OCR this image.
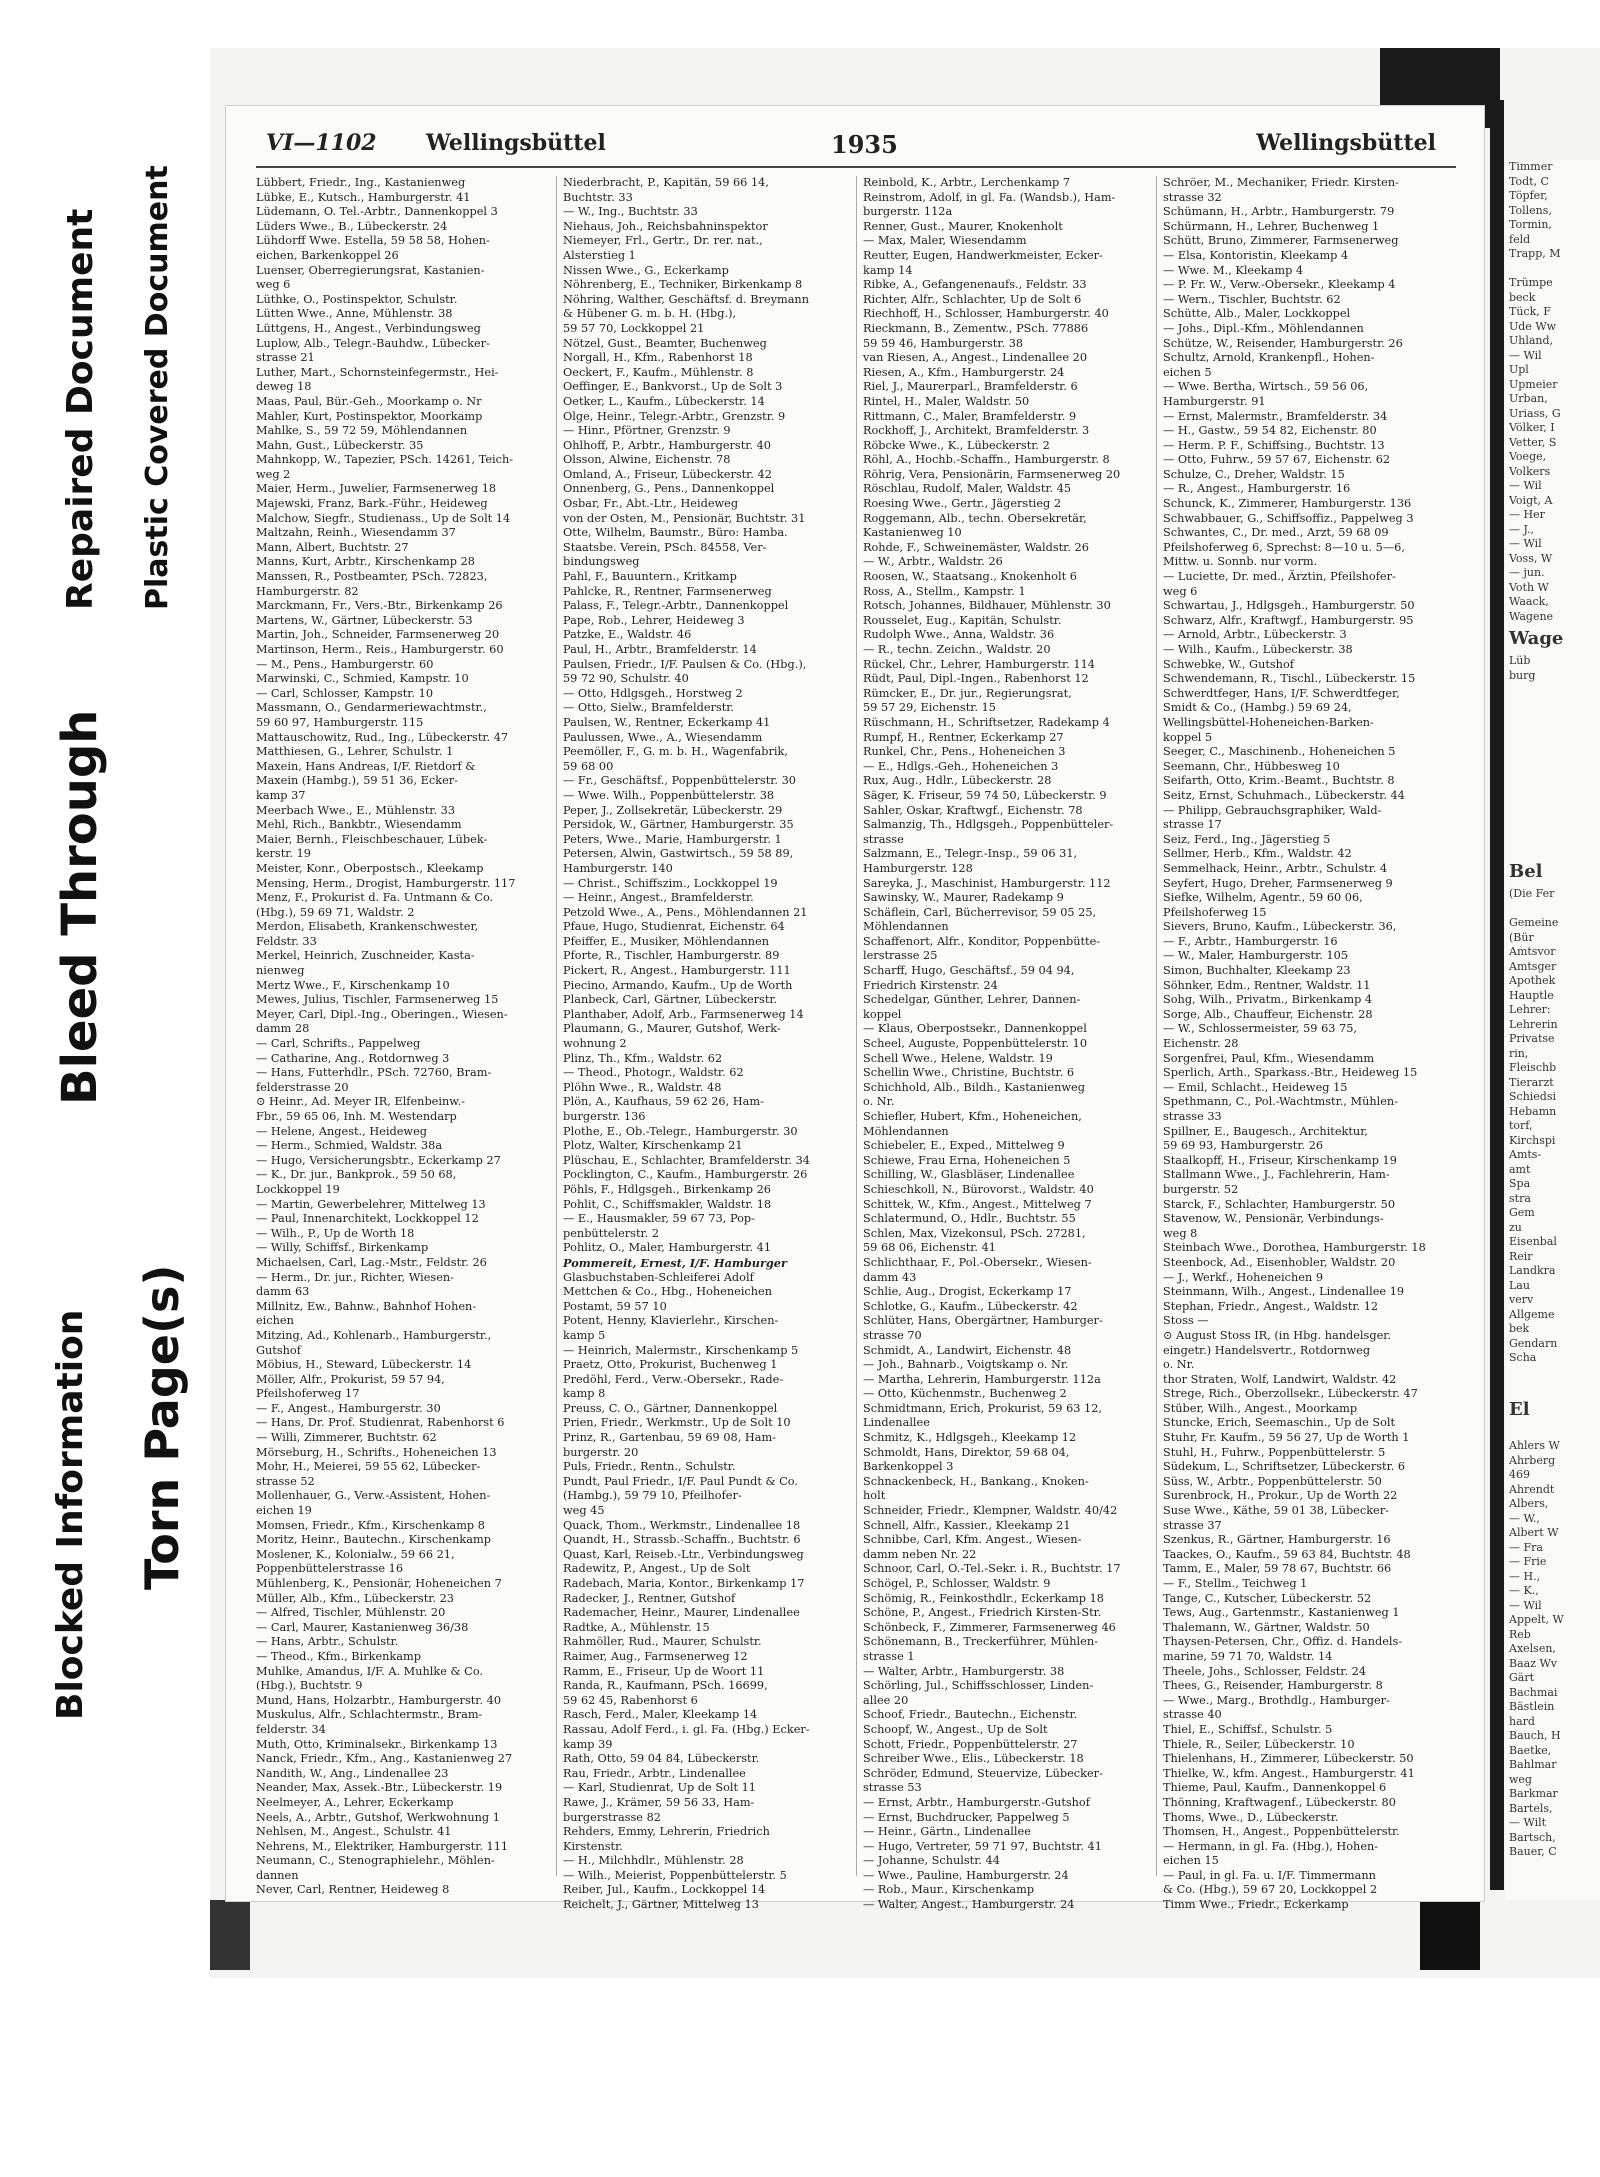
Repaired Document Plastic Covered Document
Bleed Through
Blocked Information Torn Page(s)
VI—1102 Wellingsbüttel	1935	Wellingsbüttel
Lübbert, Friedr., Ing., Kastanienweg
Lübke, E., Kutsch., Hamburgerstr. 41
Lüdemann, O. Tel.-Arbtr., Dannenkoppel 3
Lüders Wwe., B., Lübeckerstr. 24
Lühdorff Wwe. Estella, 59 58 58, Hohen-
eichen, Barkenkoppel 26
Luenser, Oberregierungsrat, Kastanien-
weg 6
Lüthke, O., Postinspektor, Schulstr.
Lütten Wwe., Anne, Mühlenstr. 38
Lüttgens, H., Angest., Verbindungsweg
Luplow, Alb., Telegr.-Bauhdw., Lübecker-
strasse 21
Luther, Mart., Schornsteinfegermstr., Hei-
deweg 18
Maas, Paul, Bür.-Geh., Moorkamp o. Nr
Mahler, Kurt, Postinspektor, Moorkamp
Mahlke, S., 59 72 59, Möhlendannen
Mahn, Gust., Lübeckerstr. 35
Mahnkopp, W., Tapezier, PSch. 14261, Teich-
weg 2
Maier, Herm., Juwelier, Farmsenerweg 18
Majewski, Franz, Bark.-Führ., Heideweg
Malchow, Siegfr., Studienass., Up de Solt 14
Maltzahn, Reinh., Wiesendamm 37
Mann, Albert, Buchtstr. 27
Manns, Kurt, Arbtr., Kirschenkamp 28
Manssen, R., Postbeamter, PSch. 72823,
Hamburgerstr. 82
Marckmann, Fr., Vers.-Btr., Birkenkamp 26
Martens, W., Gärtner, Lübeckerstr. 53
Martin, Joh., Schneider, Farmsenerweg 20
Martinson, Herm., Reis., Hamburgerstr. 60
— M., Pens., Hamburgerstr. 60
Marwinski, C., Schmied, Kampstr. 10
— Carl, Schlosser, Kampstr. 10
Massmann, O., Gendarmeriewachtmstr.,
59 60 97, Hamburgerstr. 115
Mattauschowitz, Rud., Ing., Lübeckerstr. 47
Matthiesen, G., Lehrer, Schulstr. 1
Maxein, Hans Andreas, I/F. Rietdorf &
Maxein (Hambg.), 59 51 36, Ecker-
kamp 37
Meerbach Wwe., E., Mühlenstr. 33
Mehl, Rich., Bankbtr., Wiesendamm
Maier, Bernh., Fleischbeschauer, Lübek-
kerstr. 19
Meister, Konr., Oberpostsch., Kleekamp
Mensing, Herm., Drogist, Hamburgerstr. 117
Menz, F., Prokurist d. Fa. Untmann & Co.
(Hbg.), 59 69 71, Waldstr. 2
Merdon, Elisabeth, Krankenschwester,
Feldstr. 33
Merkel, Heinrich, Zuschneider, Kasta-
nienweg
Mertz Wwe., F., Kirschenkamp 10
Mewes, Julius, Tischler, Farmsenerweg 15
Meyer, Carl, Dipl.-Ing., Oberingen., Wiesen-
damm 28
— Carl, Schrifts., Pappelweg
— Catharine, Ang., Rotdornweg 3
— Hans, Futterhdlr., PSch. 72760, Bram-
felderstrasse 20
⊙ Heinr., Ad. Meyer IR, Elfenbeinw.-
Fbr., 59 65 06, Inh. M. Westendarp
— Helene, Angest., Heideweg
— Herm., Schmied, Waldstr. 38a
— Hugo, Versicherungsbtr., Eckerkamp 27
— K., Dr. jur., Bankprok., 59 50 68,
Lockkoppel 19
— Martin, Gewerbelehrer, Mittelweg 13
— Paul, Innenarchitekt, Lockkoppel 12
— Wilh., P., Up de Worth 18
— Willy, Schiffsf., Birkenkamp
Michaelsen, Carl, Lag.-Mstr., Feldstr. 26
— Herm., Dr. jur., Richter, Wiesen-
damm 63
Millnitz, Ew., Bahnw., Bahnhof Hohen-
eichen
Mitzing, Ad., Kohlenarb., Hamburgerstr.,
Gutshof
Möbius, H., Steward, Lübeckerstr. 14
Möller, Alfr., Prokurist, 59 57 94,
Pfeilshoferweg 17
— F., Angest., Hamburgerstr. 30
— Hans, Dr. Prof. Studienrat, Rabenhorst 6
— Willi, Zimmerer, Buchtstr. 62
Mörseburg, H., Schrifts., Hoheneichen 13
Mohr, H., Meierei, 59 55 62, Lübecker-
strasse 52
Mollenhauer, G., Verw.-Assistent, Hohen-
eichen 19
Momsen, Friedr., Kfm., Kirschenkamp 8
Moritz, Heinr., Bautechn., Kirschenkamp
Moslener, K., Kolonialw., 59 66 21,
Poppenbüttelerstrasse 16
Mühlenberg, K., Pensionär, Hoheneichen 7
Müller, Alb., Kfm., Lübeckerstr. 23
— Alfred, Tischler, Mühlenstr. 20
— Carl, Maurer, Kastanienweg 36/38
— Hans, Arbtr., Schulstr.
— Theod., Kfm., Birkenkamp
Muhlke, Amandus, I/F. A. Muhlke & Co.
(Hbg.), Buchtstr. 9
Mund, Hans, Holzarbtr., Hamburgerstr. 40
Muskulus, Alfr., Schlachtermstr., Bram-
felderstr. 34
Muth, Otto, Kriminalsekr., Birkenkamp 13
Nanck, Friedr., Kfm., Ang., Kastanienweg 27
Nandith, W., Ang., Lindenallee 23
Neander, Max, Assek.-Btr., Lübeckerstr. 19
Neelmeyer, A., Lehrer, Eckerkamp
Neels, A., Arbtr., Gutshof, Werkwohnung 1
Nehlsen, M., Angest., Schulstr. 41
Nehrens, M., Elektriker, Hamburgerstr. 111
Neumann, C., Stenographielehr., Möhlen-
dannen
Never, Carl, Rentner, Heideweg 8
Niederbracht, P., Kapitän, 59 66 14,
Buchtstr. 33
— W., Ing., Buchtstr. 33
Niehaus, Joh., Reichsbahninspektor
Niemeyer, Frl., Gertr., Dr. rer. nat.,
Alsterstieg 1
Nissen Wwe., G., Eckerkamp
Nöhrenberg, E., Techniker, Birkenkamp 8
Nöhring, Walther, Geschäftsf. d. Breymann
& Hübener G. m. b. H. (Hbg.),
59 57 70, Lockkoppel 21
Nötzel, Gust., Beamter, Buchenweg
Norgall, H., Kfm., Rabenhorst 18
Oeckert, F., Kaufm., Mühlenstr. 8
Oeffinger, E., Bankvorst., Up de Solt 3
Oetker, L., Kaufm., Lübeckerstr. 14
Olge, Heinr., Telegr.-Arbtr., Grenzstr. 9
— Hinr., Pförtner, Grenzstr. 9
Ohlhoff, P., Arbtr., Hamburgerstr. 40
Olsson, Alwine, Eichenstr. 78
Omland, A., Friseur, Lübeckerstr. 42
Onnenberg, G., Pens., Dannenkoppel
Osbar, Fr., Abt.-Ltr., Heideweg
von der Osten, M., Pensionär, Buchtstr. 31
Otte, Wilhelm, Baumstr., Büro: Hamba.
Staatsbe. Verein, PSch. 84558, Ver-
bindungsweg
Pahl, F., Bauuntern., Kritkamp
Pahlcke, R., Rentner, Farmsenerweg
Palass, F., Telegr.-Arbtr., Dannenkoppel
Pape, Rob., Lehrer, Heideweg 3
Patzke, E., Waldstr. 46
Paul, H., Arbtr., Bramfelderstr. 14
Paulsen, Friedr., I/F. Paulsen & Co. (Hbg.),
59 72 90, Schulstr. 40
— Otto, Hdlgsgeh., Horstweg 2
— Otto, Sielw., Bramfelderstr.
Paulsen, W., Rentner, Eckerkamp 41
Paulussen, Wwe., A., Wiesendamm
Peemöller, F., G. m. b. H., Wagenfabrik,
59 68 00
— Fr., Geschäftsf., Poppenbüttelerstr. 30
— Wwe. Wilh., Poppenbüttelerstr. 38
Peper, J., Zollsekretär, Lübeckerstr. 29
Persidok, W., Gärtner, Hamburgerstr. 35
Peters, Wwe., Marie, Hamburgerstr. 1
Petersen, Alwin, Gastwirtsch., 59 58 89,
Hamburgerstr. 140
— Christ., Schiffszim., Lockkoppel 19
— Heinr., Angest., Bramfelderstr.
Petzold Wwe., A., Pens., Möhlendannen 21
Pfaue, Hugo, Studienrat, Eichenstr. 64
Pfeiffer, E., Musiker, Möhlendannen
Pforte, R., Tischler, Hamburgerstr. 89
Pickert, R., Angest., Hamburgerstr. 111
Piecino, Armando, Kaufm., Up de Worth
Planbeck, Carl, Gärtner, Lübeckerstr.
Planthaber, Adolf, Arb., Farmsenerweg 14
Plaumann, G., Maurer, Gutshof, Werk-
wohnung 2
Plinz, Th., Kfm., Waldstr. 62
— Theod., Photogr., Waldstr. 62
Plöhn Wwe., R., Waldstr. 48
Plön, A., Kaufhaus, 59 62 26, Ham-
burgerstr. 136
Plothe, E., Ob.-Telegr., Hamburgerstr. 30
Plotz, Walter, Kirschenkamp 21
Plüschau, E., Schlachter, Bramfelderstr. 34
Pocklington, C., Kaufm., Hamburgerstr. 26
Pöhls, F., Hdlgsgeh., Birkenkamp 26
Pohlit, C., Schiffsmakler, Waldstr. 18
— E., Hausmakler, 59 67 73, Pop-
penbüttelerstr. 2
Pohlitz, O., Maler, Hamburgerstr. 41
Pommereit, Ernest, I/F. Hamburger
Glasbuchstaben-Schleiferei Adolf
Mettchen & Co., Hbg., Hoheneichen
Postamt, 59 57 10
Potent, Henny, Klavierlehr., Kirschen-
kamp 5
— Heinrich, Malermstr., Kirschenkamp 5
Praetz, Otto, Prokurist, Buchenweg 1
Predöhl, Ferd., Verw.-Obersekr., Rade-
kamp 8
Preuss, C. O., Gärtner, Dannenkoppel
Prien, Friedr., Werkmstr., Up de Solt 10
Prinz, R., Gartenbau, 59 69 08, Ham-
burgerstr. 20
Puls, Friedr., Rentn., Schulstr.
Pundt, Paul Friedr., I/F. Paul Pundt & Co.
(Hambg.), 59 79 10, Pfeilhofer-
weg 45
Quack, Thom., Werkmstr., Lindenallee 18
Quandt, H., Strassb.-Schaffn., Buchtstr. 6
Quast, Karl, Reiseb.-Ltr., Verbindungsweg
Radewitz, P., Angest., Up de Solt
Radebach, Maria, Kontor., Birkenkamp 17
Radecker, J., Rentner, Gutshof
Rademacher, Heinr., Maurer, Lindenallee
Radtke, A., Mühlenstr. 15
Rahmöller, Rud., Maurer, Schulstr.
Raimer, Aug., Farmsenerweg 12
Ramm, E., Friseur, Up de Woort 11
Randa, R., Kaufmann, PSch. 16699,
59 62 45, Rabenhorst 6
Rasch, Ferd., Maler, Kleekamp 14
Rassau, Adolf Ferd., i. gl. Fa. (Hbg.) Ecker-
kamp 39
Rath, Otto, 59 04 84, Lübeckerstr.
Rau, Friedr., Arbtr., Lindenallee
— Karl, Studienrat, Up de Solt 11
Rawe, J., Krämer, 59 56 33, Ham-
burgerstrasse 82
Rehders, Emmy, Lehrerin, Friedrich
Kirstenstr.
— H., Milchhdlr., Mühlenstr. 28
— Wilh., Meierist, Poppenbüttelerstr. 5
Reiber, Jul., Kaufm., Lockkoppel 14
Reichelt, J., Gärtner, Mittelweg 13
Reinbold, K., Arbtr., Lerchenkamp 7
Reinstrom, Adolf, in gl. Fa. (Wandsb.), Ham-
burgerstr. 112a
Renner, Gust., Maurer, Knokenholt
— Max, Maler, Wiesendamm
Reutter, Eugen, Handwerkmeister, Ecker-
kamp 14
Ribke, A., Gefangenenaufs., Feldstr. 33
Richter, Alfr., Schlachter, Up de Solt 6
Riechhoff, H., Schlosser, Hamburgerstr. 40
Rieckmann, B., Zementw., PSch. 77886
59 59 46, Hamburgerstr. 38
van Riesen, A., Angest., Lindenallee 20
Riesen, A., Kfm., Hamburgerstr. 24
Riel, J., Maurerparl., Bramfelderstr. 6
Rintel, H., Maler, Waldstr. 50
Rittmann, C., Maler, Bramfelderstr. 9
Rockhoff, J., Architekt, Bramfelderstr. 3
Röbcke Wwe., K., Lübeckerstr. 2
Röhl, A., Hochb.-Schaffn., Hamburgerstr. 8
Röhrig, Vera, Pensionärin, Farmsenerweg 20
Röschlau, Rudolf, Maler, Waldstr. 45
Roesing Wwe., Gertr., Jägerstieg 2
Roggemann, Alb., techn. Obersekretär,
Kastanienweg 10
Rohde, F., Schweinemäster, Waldstr. 26
— W., Arbtr., Waldstr. 26
Roosen, W., Staatsang., Knokenholt 6
Ross, A., Stellm., Kampstr. 1
Rotsch, Johannes, Bildhauer, Mühlenstr. 30
Rousselet, Eug., Kapitän, Schulstr.
Rudolph Wwe., Anna, Waldstr. 36
— R., techn. Zeichn., Waldstr. 20
Rückel, Chr., Lehrer, Hamburgerstr. 114
Rüdt, Paul, Dipl.-Ingen., Rabenhorst 12
Rümcker, E., Dr. jur., Regierungsrat,
59 57 29, Eichenstr. 15
Rüschmann, H., Schriftsetzer, Radekamp 4
Rumpf, H., Rentner, Eckerkamp 27
Runkel, Chr., Pens., Hoheneichen 3
— E., Hdlgs.-Geh., Hoheneichen 3
Rux, Aug., Hdlr., Lübeckerstr. 28
Säger, K. Friseur, 59 74 50, Lübeckerstr. 9
Sahler, Oskar, Kraftwgf., Eichenstr. 78
Salmanzig, Th., Hdlgsgeh., Poppenbütteler-
strasse
Salzmann, E., Telegr.-Insp., 59 06 31,
Hamburgerstr. 128
Sareyka, J., Maschinist, Hamburgerstr. 112
Sawinsky, W., Maurer, Radekamp 9
Schäflein, Carl, Bücherrevisor, 59 05 25,
Möhlendannen
Schaffenort, Alfr., Konditor, Poppenbütte-
lerstrasse 25
Scharff, Hugo, Geschäftsf., 59 04 94,
Friedrich Kirstenstr. 24
Schedelgar, Günther, Lehrer, Dannen-
koppel
— Klaus, Oberpostsekr., Dannenkoppel
Scheel, Auguste, Poppenbüttelerstr. 10
Schell Wwe., Helene, Waldstr. 19
Schellin Wwe., Christine, Buchtstr. 6
Schichhold, Alb., Bildh., Kastanienweg
o. Nr.
Schiefler, Hubert, Kfm., Hoheneichen,
Möhlendannen
Schiebeler, E., Exped., Mittelweg 9
Schiewe, Frau Erna, Hoheneichen 5
Schilling, W., Glasbläser, Lindenallee
Schieschkoll, N., Bürovorst., Waldstr. 40
Schittek, W., Kfm., Angest., Mittelweg 7
Schlatermund, O., Hdlr., Buchtstr. 55
Schlen, Max, Vizekonsul, PSch. 27281,
59 68 06, Eichenstr. 41
Schlichthaar, F., Pol.-Obersekr., Wiesen-
damm 43
Schlie, Aug., Drogist, Eckerkamp 17
Schlotke, G., Kaufm., Lübeckerstr. 42
Schlüter, Hans, Obergärtner, Hamburger-
strasse 70
Schmidt, A., Landwirt, Eichenstr. 48
— Joh., Bahnarb., Voigtskamp o. Nr.
— Martha, Lehrerin, Hamburgerstr. 112a
— Otto, Küchenmstr., Buchenweg 2
Schmidtmann, Erich, Prokurist, 59 63 12,
Lindenallee
Schmitz, K., Hdlgsgeh., Kleekamp 12
Schmoldt, Hans, Direktor, 59 68 04,
Barkenkoppel 3
Schnackenbeck, H., Bankang., Knoken-
holt
Schneider, Friedr., Klempner, Waldstr. 40/42
Schnell, Alfr., Kassier., Kleekamp 21
Schnibbe, Carl, Kfm. Angest., Wiesen-
damm neben Nr. 22
Schnoor, Carl, O.-Tel.-Sekr. i. R., Buchtstr. 17
Schögel, P., Schlosser, Waldstr. 9
Schömig, R., Feinkosthdlr., Eckerkamp 18
Schöne, P., Angest., Friedrich Kirsten-Str.
Schönbeck, F., Zimmerer, Farmsenerweg 46
Schönemann, B., Treckerführer, Mühlen-
strasse 1
— Walter, Arbtr., Hamburgerstr. 38
Schörling, Jul., Schiffsschlosser, Linden-
allee 20
Schoof, Friedr., Bautechn., Eichenstr.
Schoopf, W., Angest., Up de Solt
Schott, Friedr., Poppenbüttelerstr. 27
Schreiber Wwe., Elis., Lübeckerstr. 18
Schröder, Edmund, Steuervize, Lübecker-
strasse 53
— Ernst, Arbtr., Hamburgerstr.-Gutshof
— Ernst, Buchdrucker, Pappelweg 5
— Heinr., Gärtn., Lindenallee
— Hugo, Vertreter, 59 71 97, Buchtstr. 41
— Johanne, Schulstr. 44
— Wwe., Pauline, Hamburgerstr. 24
— Rob., Maur., Kirschenkamp
— Walter, Angest., Hamburgerstr. 24
Schröer, M., Mechaniker, Friedr. Kirsten-
strasse 32
Schümann, H., Arbtr., Hamburgerstr. 79
Schürmann, H., Lehrer, Buchenweg 1
Schütt, Bruno, Zimmerer, Farmsenerweg
— Elsa, Kontoristin, Kleekamp 4
— Wwe. M., Kleekamp 4
— P. Fr. W., Verw.-Obersekr., Kleekamp 4
— Wern., Tischler, Buchtstr. 62
Schütte, Alb., Maler, Lockkoppel
— Johs., Dipl.-Kfm., Möhlendannen
Schütze, W., Reisender, Hamburgerstr. 26
Schultz, Arnold, Krankenpfl., Hohen-
eichen 5
— Wwe. Bertha, Wirtsch., 59 56 06,
Hamburgerstr. 91
— Ernst, Malermstr., Bramfelderstr. 34
— H., Gastw., 59 54 82, Eichenstr. 80
— Herm. P. F., Schiffsing., Buchtstr. 13
— Otto, Fuhrw., 59 57 67, Eichenstr. 62
Schulze, C., Dreher, Waldstr. 15
— R., Angest., Hamburgerstr. 16
Schunck, K., Zimmerer, Hamburgerstr. 136
Schwabbauer, G., Schiffsoffiz., Pappelweg 3
Schwantes, C., Dr. med., Arzt, 59 68 09
Pfeilshoferweg 6, Sprechst: 8—10 u. 5—6,
Mittw. u. Sonnb. nur vorm.
— Luciette, Dr. med., Ärztin, Pfeilshofer-
weg 6
Schwartau, J., Hdlgsgeh., Hamburgerstr. 50
Schwarz, Alfr., Kraftwgf., Hamburgerstr. 95
— Arnold, Arbtr., Lübeckerstr. 3
— Wilh., Kaufm., Lübeckerstr. 38
Schwebke, W., Gutshof
Schwendemann, R., Tischl., Lübeckerstr. 15
Schwerdtfeger, Hans, I/F. Schwerdtfeger,
Smidt & Co., (Hambg.) 59 69 24,
Wellingsbüttel-Hoheneichen-Barken-
koppel 5
Seeger, C., Maschinenb., Hoheneichen 5
Seemann, Chr., Hübbesweg 10
Seifarth, Otto, Krim.-Beamt., Buchtstr. 8
Seitz, Ernst, Schuhmach., Lübeckerstr. 44
— Philipp, Gebrauchsgraphiker, Wald-
strasse 17
Seiz, Ferd., Ing., Jägerstieg 5
Sellmer, Herb., Kfm., Waldstr. 42
Semmelhack, Heinr., Arbtr., Schulstr. 4
Seyfert, Hugo, Dreher, Farmsenerweg 9
Siefke, Wilhelm, Agentr., 59 60 06,
Pfeilshoferweg 15
Sievers, Bruno, Kaufm., Lübeckerstr. 36,
— F., Arbtr., Hamburgerstr. 16
— W., Maler, Hamburgerstr. 105
Simon, Buchhalter, Kleekamp 23
Söhnker, Edm., Rentner, Waldstr. 11
Sohg, Wilh., Privatm., Birkenkamp 4
Sorge, Alb., Chauffeur, Eichenstr. 28
— W., Schlossermeister, 59 63 75,
Eichenstr. 28
Sorgenfrei, Paul, Kfm., Wiesendamm
Sperlich, Arth., Sparkass.-Btr., Heideweg 15
— Emil, Schlacht., Heideweg 15
Spethmann, C., Pol.-Wachtmstr., Mühlen-
strasse 33
Spillner, E., Baugesch., Architektur,
59 69 93, Hamburgerstr. 26
Staalkopff, H., Friseur, Kirschenkamp 19
Stallmann Wwe., J., Fachlehrerin, Ham-
burgerstr. 52
Starck, F., Schlachter, Hamburgerstr. 50
Stavenow, W., Pensionär, Verbindungs-
weg 8
Steinbach Wwe., Dorothea, Hamburgerstr. 18
Steenbock, Ad., Eisenhobler, Waldstr. 20
— J., Werkf., Hoheneichen 9
Steinmann, Wilh., Angest., Lindenallee 19
Stephan, Friedr., Angest., Waldstr. 12
Stoss —
⊙ August Stoss IR, (in Hbg. handelsger.
eingetr.) Handelsvertr., Rotdornweg
o. Nr.
thor Straten, Wolf, Landwirt, Waldstr. 42
Strege, Rich., Oberzollsekr., Lübeckerstr. 47
Stüber, Wilh., Angest., Moorkamp
Stuncke, Erich, Seemaschin., Up de Solt
Stuhr, Fr. Kaufm., 59 56 27, Up de Worth 1
Stuhl, H., Fuhrw., Poppenbüttelerstr. 5
Südekum, L., Schriftsetzer, Lübeckerstr. 6
Süss, W., Arbtr., Poppenbüttelerstr. 50
Surenbrock, H., Prokur., Up de Worth 22
Suse Wwe., Käthe, 59 01 38, Lübecker-
strasse 37
Szenkus, R., Gärtner, Hamburgerstr. 16
Taackes, O., Kaufm., 59 63 84, Buchtstr. 48
Tamm, E., Maler, 59 78 67, Buchtstr. 66
— F., Stellm., Teichweg 1
Tange, C., Kutscher, Lübeckerstr. 52
Tews, Aug., Gartenmstr., Kastanienweg 1
Thalemann, W., Gärtner, Waldstr. 50
Thaysen-Petersen, Chr., Offiz. d. Handels-
marine, 59 71 70, Waldstr. 14
Theele, Johs., Schlosser, Feldstr. 24
Thees, G., Reisender, Hamburgerstr. 8
— Wwe., Marg., Brothdlg., Hamburger-
strasse 40
Thiel, E., Schiffsf., Schulstr. 5
Thiele, R., Seiler, Lübeckerstr. 10
Thielenhans, H., Zimmerer, Lübeckerstr. 50
Thielke, W., kfm. Angest., Hamburgerstr. 41
Thieme, Paul, Kaufm., Dannenkoppel 6
Thönning, Kraftwagenf., Lübeckerstr. 80
Thoms, Wwe., D., Lübeckerstr.
Thomsen, H., Angest., Poppenbüttelerstr.
— Hermann, in gl. Fa. (Hbg.), Hohen-
eichen 15
— Paul, in gl. Fa. u. I/F. Timmermann
& Co. (Hbg.), 59 67 20, Lockkoppel 2
Timm Wwe., Friedr., Eckerkamp
Timmer
Todt, C
Töpfer,
Tollens,
Tormin,
feld
Trapp, M
Trümpe
beck
Tück, F
Ude Ww
Uhland,
— Wil
Upl
Upmeier
Urban,
Uriass, G
Völker, I
Vetter, S
Voege,
Volkers
— Wil
Voigt, A
— Her
— J.,
— Wil
Voss, W
— jun.
Voth W
Waack,
Wagene
Wage
Lüb
burg
Bel
(Die Fer
Gemeine
(Bür
Amtsvor
Amtsger
Apothek
Hauptle
Lehrer:
Lehrerin
Privatse
rin,
Fleischb
Tierarzt
Schiedsi
Hebamn
torf,
Kirchspi
Amts-
amt
Spa
stra
Gem
zu
Eisenbal
Reir
Landkra
Lau
verv
Allgeme
bek
Gendarn
Scha
El
Ahlers W
Ahrberg
469
Ahrendt
Albers,
— W.,
Albert W
— Fra
— Frie
— H.,
— K.,
— Wil
Appelt, W
Reb
Axelsen,
Baaz Wv
Gärt
Bachmai
Bästlein
hard
Bauch, H
Baetke,
Bahlmar
weg
Barkmar
Bartels,
— Wilt
Bartsch,
Bauer, C
